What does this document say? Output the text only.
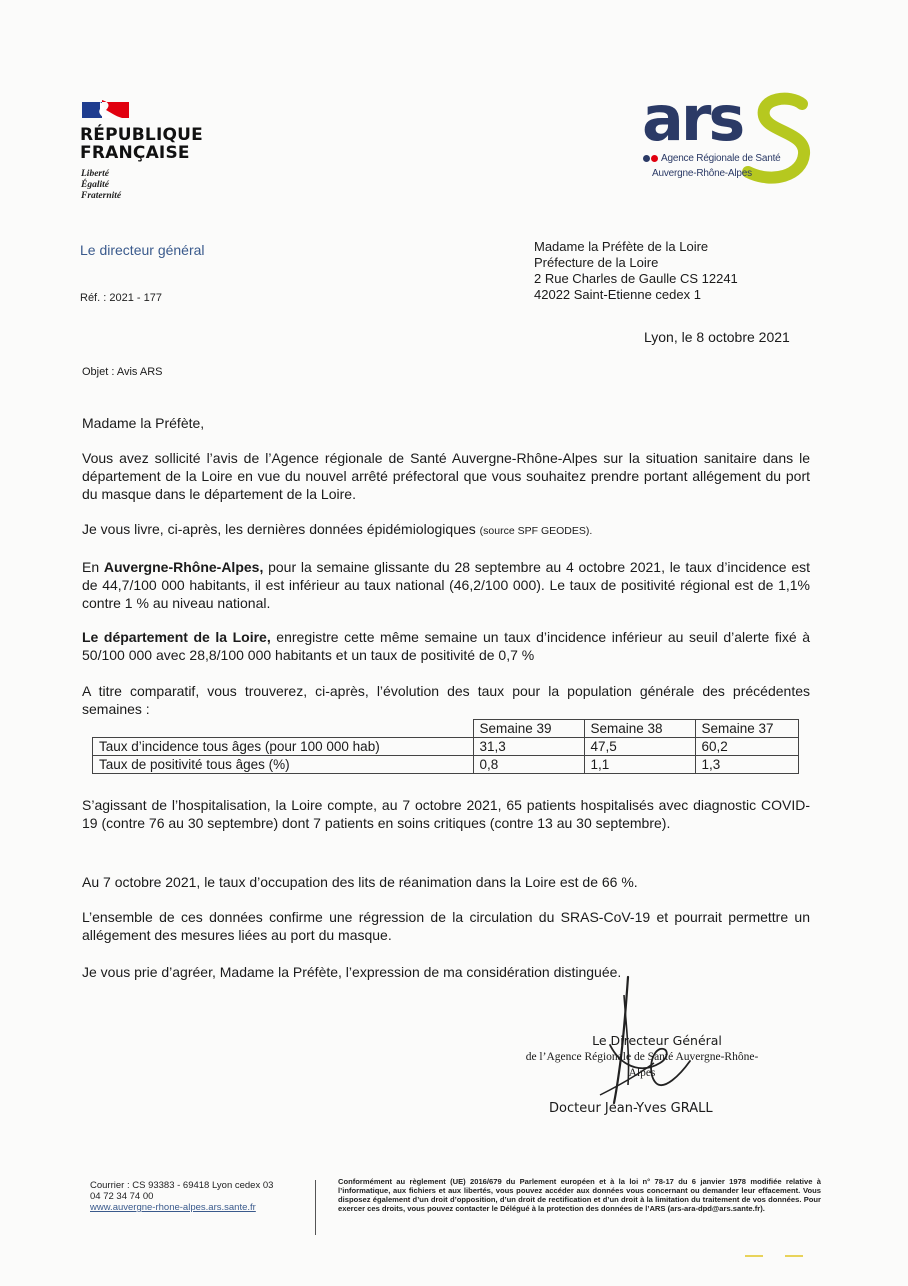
RÉPUBLIQUE
FRANÇAISE
Liberté
Égalité
Fraternité
ars
Agence Régionale de Santé
Auvergne-Rhône-Alpes
Le directeur général
Réf. : 2021 - 177
Madame la Préfète de la Loire
Préfecture de la Loire
2 Rue Charles de Gaulle CS 12241
42022 Saint-Etienne cedex 1
Lyon, le 8 octobre 2021
Objet : Avis ARS
Madame la Préfète,
Vous avez sollicité l’avis de l’Agence régionale de Santé Auvergne-Rhône-Alpes sur la situation sanitaire dans le département de la Loire en vue du nouvel arrêté préfectoral que vous souhaitez prendre portant allégement du port du masque dans le département de la Loire.
Je vous livre, ci-après, les dernières données épidémiologiques (source SPF GEODES).
En Auvergne-Rhône-Alpes, pour la semaine glissante du 28 septembre au 4 octobre 2021, le taux d’incidence est de 44,7/100 000 habitants, il est inférieur au taux national (46,2/100 000). Le taux de positivité régional est de 1,1% contre 1 % au niveau national.
Le département de la Loire, enregistre cette même semaine un taux d’incidence inférieur au seuil d’alerte fixé à 50/100 000 avec 28,8/100 000 habitants et un taux de positivité de 0,7 %
A titre comparatif, vous trouverez, ci-après, l’évolution des taux pour la population générale des précédentes semaines :
	Semaine 39	Semaine 38	Semaine 37
Taux d’incidence tous âges (pour 100 000 hab)	31,3	47,5	60,2
Taux de positivité tous âges (%)	0,8	1,1	1,3
S’agissant de l’hospitalisation, la Loire compte, au 7 octobre 2021, 65 patients hospitalisés avec diagnostic COVID-19 (contre 76 au 30 septembre) dont 7 patients en soins critiques (contre 13 au 30 septembre).
Au 7 octobre 2021, le taux d’occupation des lits de réanimation dans la Loire est de 66 %.
L’ensemble de ces données confirme une régression de la circulation du SRAS-CoV-19 et pourrait permettre un allégement des mesures liées au port du masque.
Je vous prie d’agréer, Madame la Préfète, l’expression de ma considération distinguée.
Le Directeur Général
de l’Agence Régionale de Santé Auvergne-Rhône-Alpes
Docteur Jean-Yves GRALL
Courrier : CS 93383 - 69418 Lyon cedex 03
04 72 34 74 00
www.auvergne-rhone-alpes.ars.sante.fr
Conformément au règlement (UE) 2016/679 du Parlement européen et à la loi n° 78-17 du 6 janvier 1978 modifiée relative à l’informatique, aux fichiers et aux libertés, vous pouvez accéder aux données vous concernant ou demander leur effacement. Vous disposez également d’un droit d’opposition, d’un droit de rectification et d’un droit à la limitation du traitement de vos données. Pour exercer ces droits, vous pouvez contacter le Délégué à la protection des données de l’ARS (ars-ara-dpd@ars.sante.fr).
